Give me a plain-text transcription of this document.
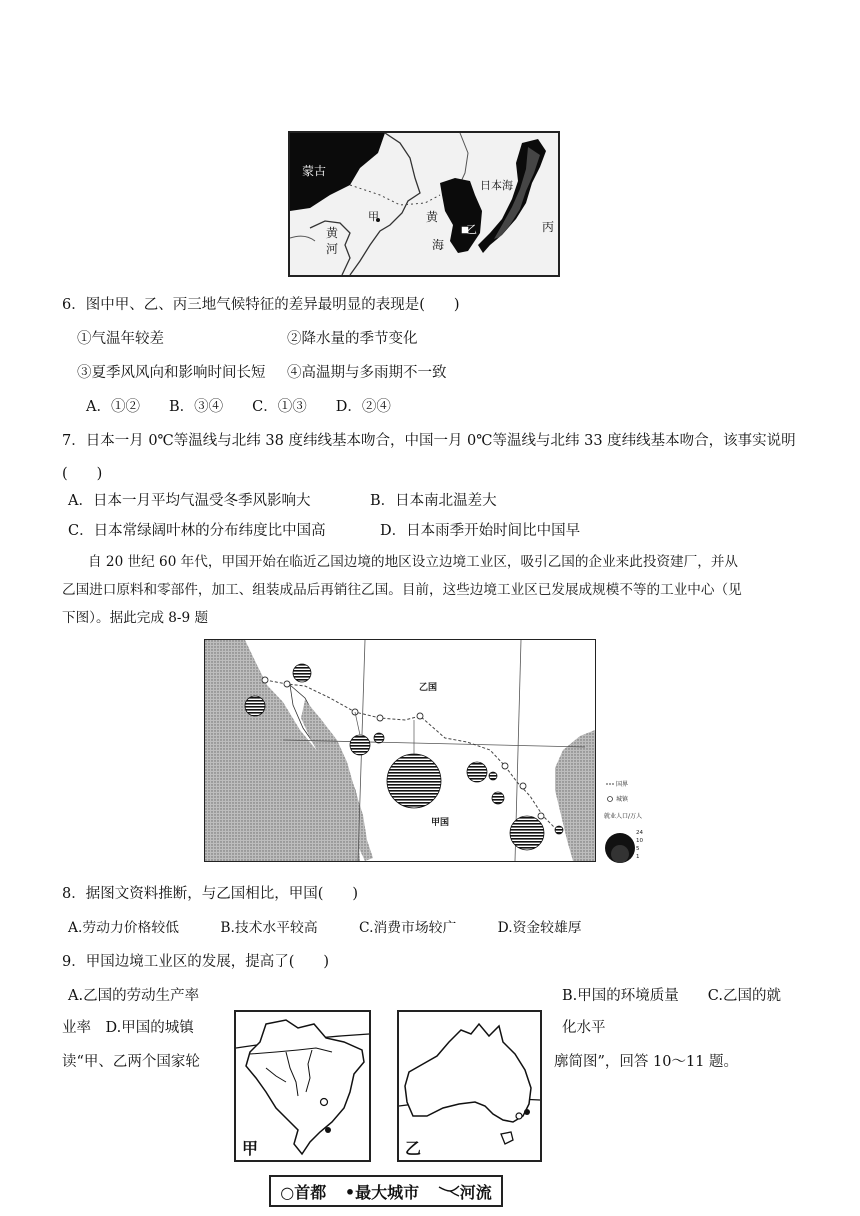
蒙古
日本海
甲	黄
海
黄
河
乙	丙
6．图中甲、乙、丙三地气候特征的差异最明显的表现是(　　)
①气温年较差	②降水量的季节变化
③夏季风风向和影响时间长短 ④高温期与多雨期不一致
A．①②　　B．③④　　C．①③　　D．②④
7．日本一月 0℃等温线与北纬 38 度纬线基本吻合，中国一月 0℃等温线与北纬 33 度纬线基本吻合，该事实说明
(　　)
A．日本一月平均气温受冬季风影响大	B．日本南北温差大
C．日本常绿阔叶林的分布纬度比中国高	D．日本雨季开始时间比中国早
自 20 世纪 60 年代，甲国开始在临近乙国边境的地区设立边境工业区，吸引乙国的企业来此投资建厂，并从
乙国进口原料和零部件，加工、组装成品后再销往乙国。目前，这些边境工业区已发展成规模不等的工业中心（见
下图）。据此完成 8-9 题
乙国
甲国
国界
城镇
就业人口/万人
24
10
5
1
8．据图文资料推断，与乙国相比，甲国(　　)
A.劳动力价格较低　　　B.技术水平较高　　　C.消费市场较广　　　D.资金较雄厚
9．甲国边境工业区的发展，提高了(　　)
A.乙国的劳动生产率	B.甲国的环境质量　　C.乙国的就
业率　D.甲国的城镇	化水平
读“甲、乙两个国家轮	廓简图”，回答 10～11 题。
甲	乙
○首都 •最大城市	河流
